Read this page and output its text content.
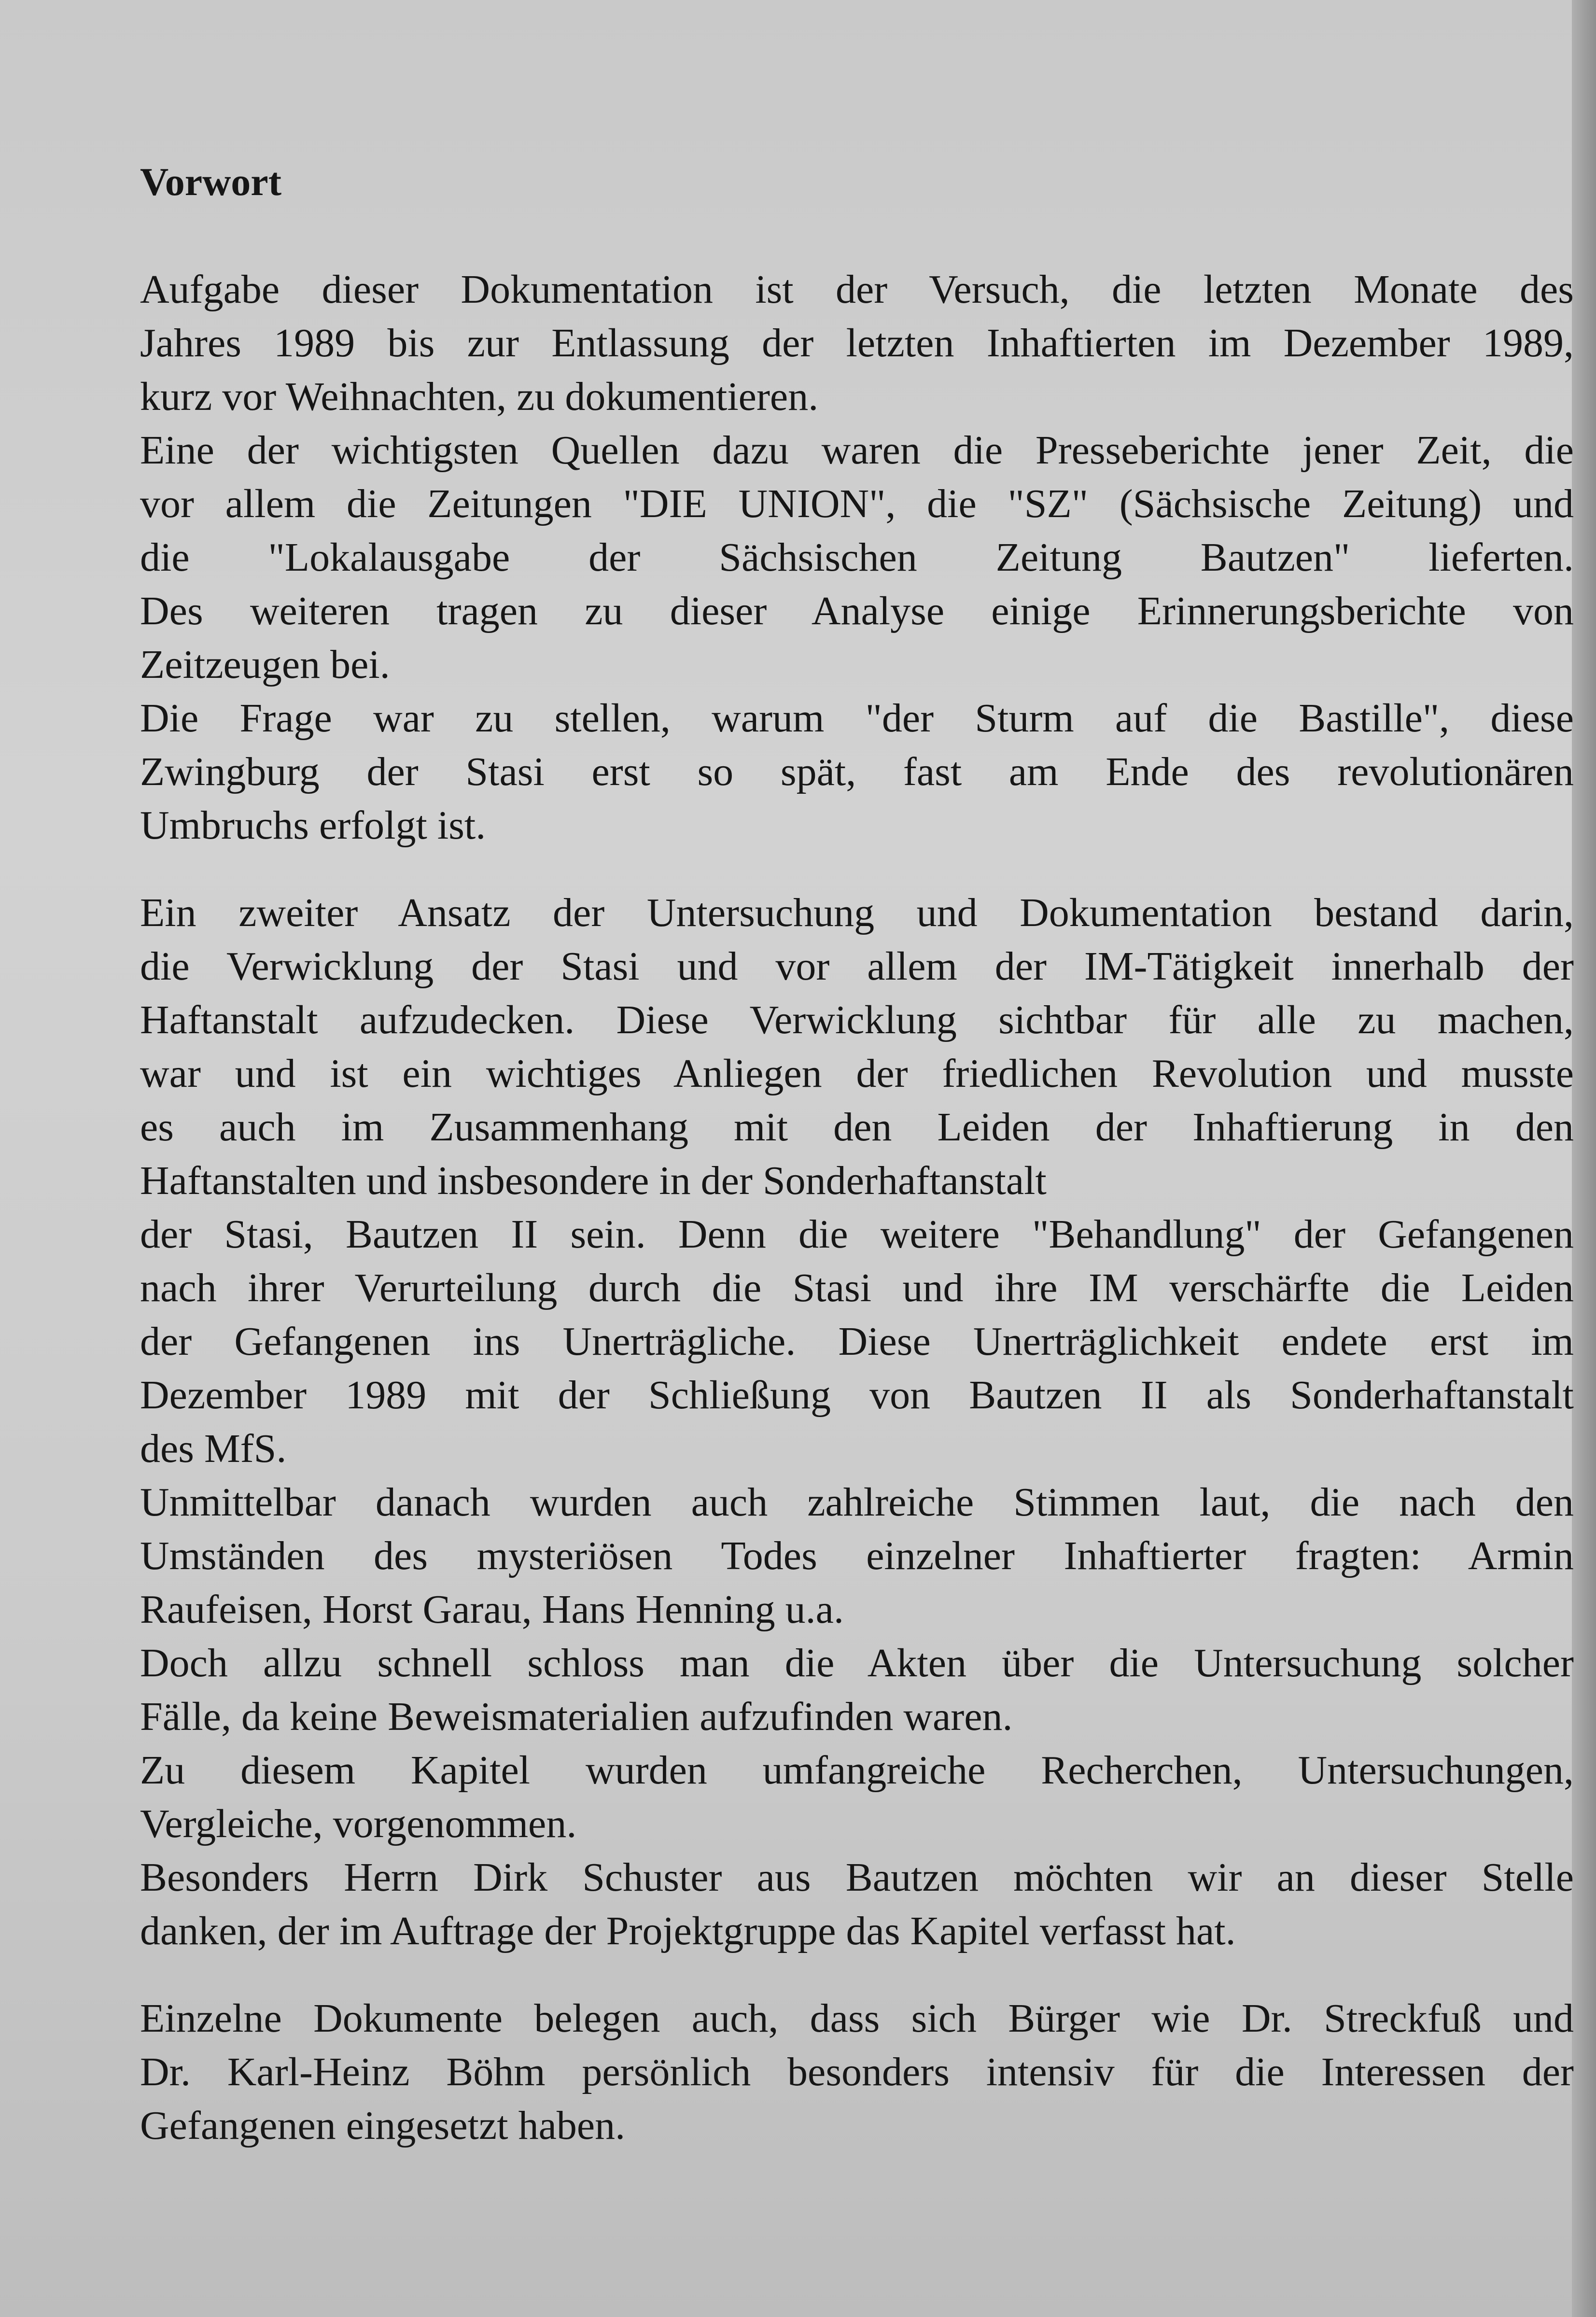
Vorwort
Aufgabe dieser Dokumentation ist der Versuch, die letzten Monate des
Jahres 1989 bis zur Entlassung der letzten Inhaftierten im Dezember 1989,
kurz vor Weihnachten, zu dokumentieren.
Eine der wichtigsten Quellen dazu waren die Presseberichte jener Zeit, die
vor allem die Zeitungen "DIE UNION", die "SZ" (Sächsische Zeitung) und
die "Lokalausgabe der Sächsischen Zeitung Bautzen" lieferten.
Des weiteren tragen zu dieser Analyse einige Erinnerungsberichte von
Zeitzeugen bei.
Die Frage war zu stellen, warum "der Sturm auf die Bastille", diese
Zwingburg der Stasi erst so spät, fast am Ende des revolutionären
Umbruchs erfolgt ist.
Ein zweiter Ansatz der Untersuchung und Dokumentation bestand darin,
die Verwicklung der Stasi und vor allem der IM-Tätigkeit innerhalb der
Haftanstalt aufzudecken. Diese Verwicklung sichtbar für alle zu machen,
war und ist ein wichtiges Anliegen der friedlichen Revolution und musste
es auch im Zusammenhang mit den Leiden der Inhaftierung in den
Haftanstalten und insbesondere in der Sonderhaftanstalt
der Stasi, Bautzen II sein. Denn die weitere "Behandlung" der Gefangenen
nach ihrer Verurteilung durch die Stasi und ihre IM verschärfte die Leiden
der Gefangenen ins Unerträgliche. Diese Unerträglichkeit endete erst im
Dezember 1989 mit der Schließung von Bautzen II als Sonderhaftanstalt
des MfS.
Unmittelbar danach wurden auch zahlreiche Stimmen laut, die nach den
Umständen des mysteriösen Todes einzelner Inhaftierter fragten: Armin
Raufeisen, Horst Garau, Hans Henning u.a.
Doch allzu schnell schloss man die Akten über die Untersuchung solcher
Fälle, da keine Beweismaterialien aufzufinden waren.
Zu diesem Kapitel wurden umfangreiche Recherchen, Untersuchungen,
Vergleiche, vorgenommen.
Besonders Herrn Dirk Schuster aus Bautzen möchten wir an dieser Stelle
danken, der im Auftrage der Projektgruppe das Kapitel verfasst hat.
Einzelne Dokumente belegen auch, dass sich Bürger wie Dr. Streckfuß und
Dr. Karl-Heinz Böhm persönlich besonders intensiv für die Interessen der
Gefangenen eingesetzt haben.
